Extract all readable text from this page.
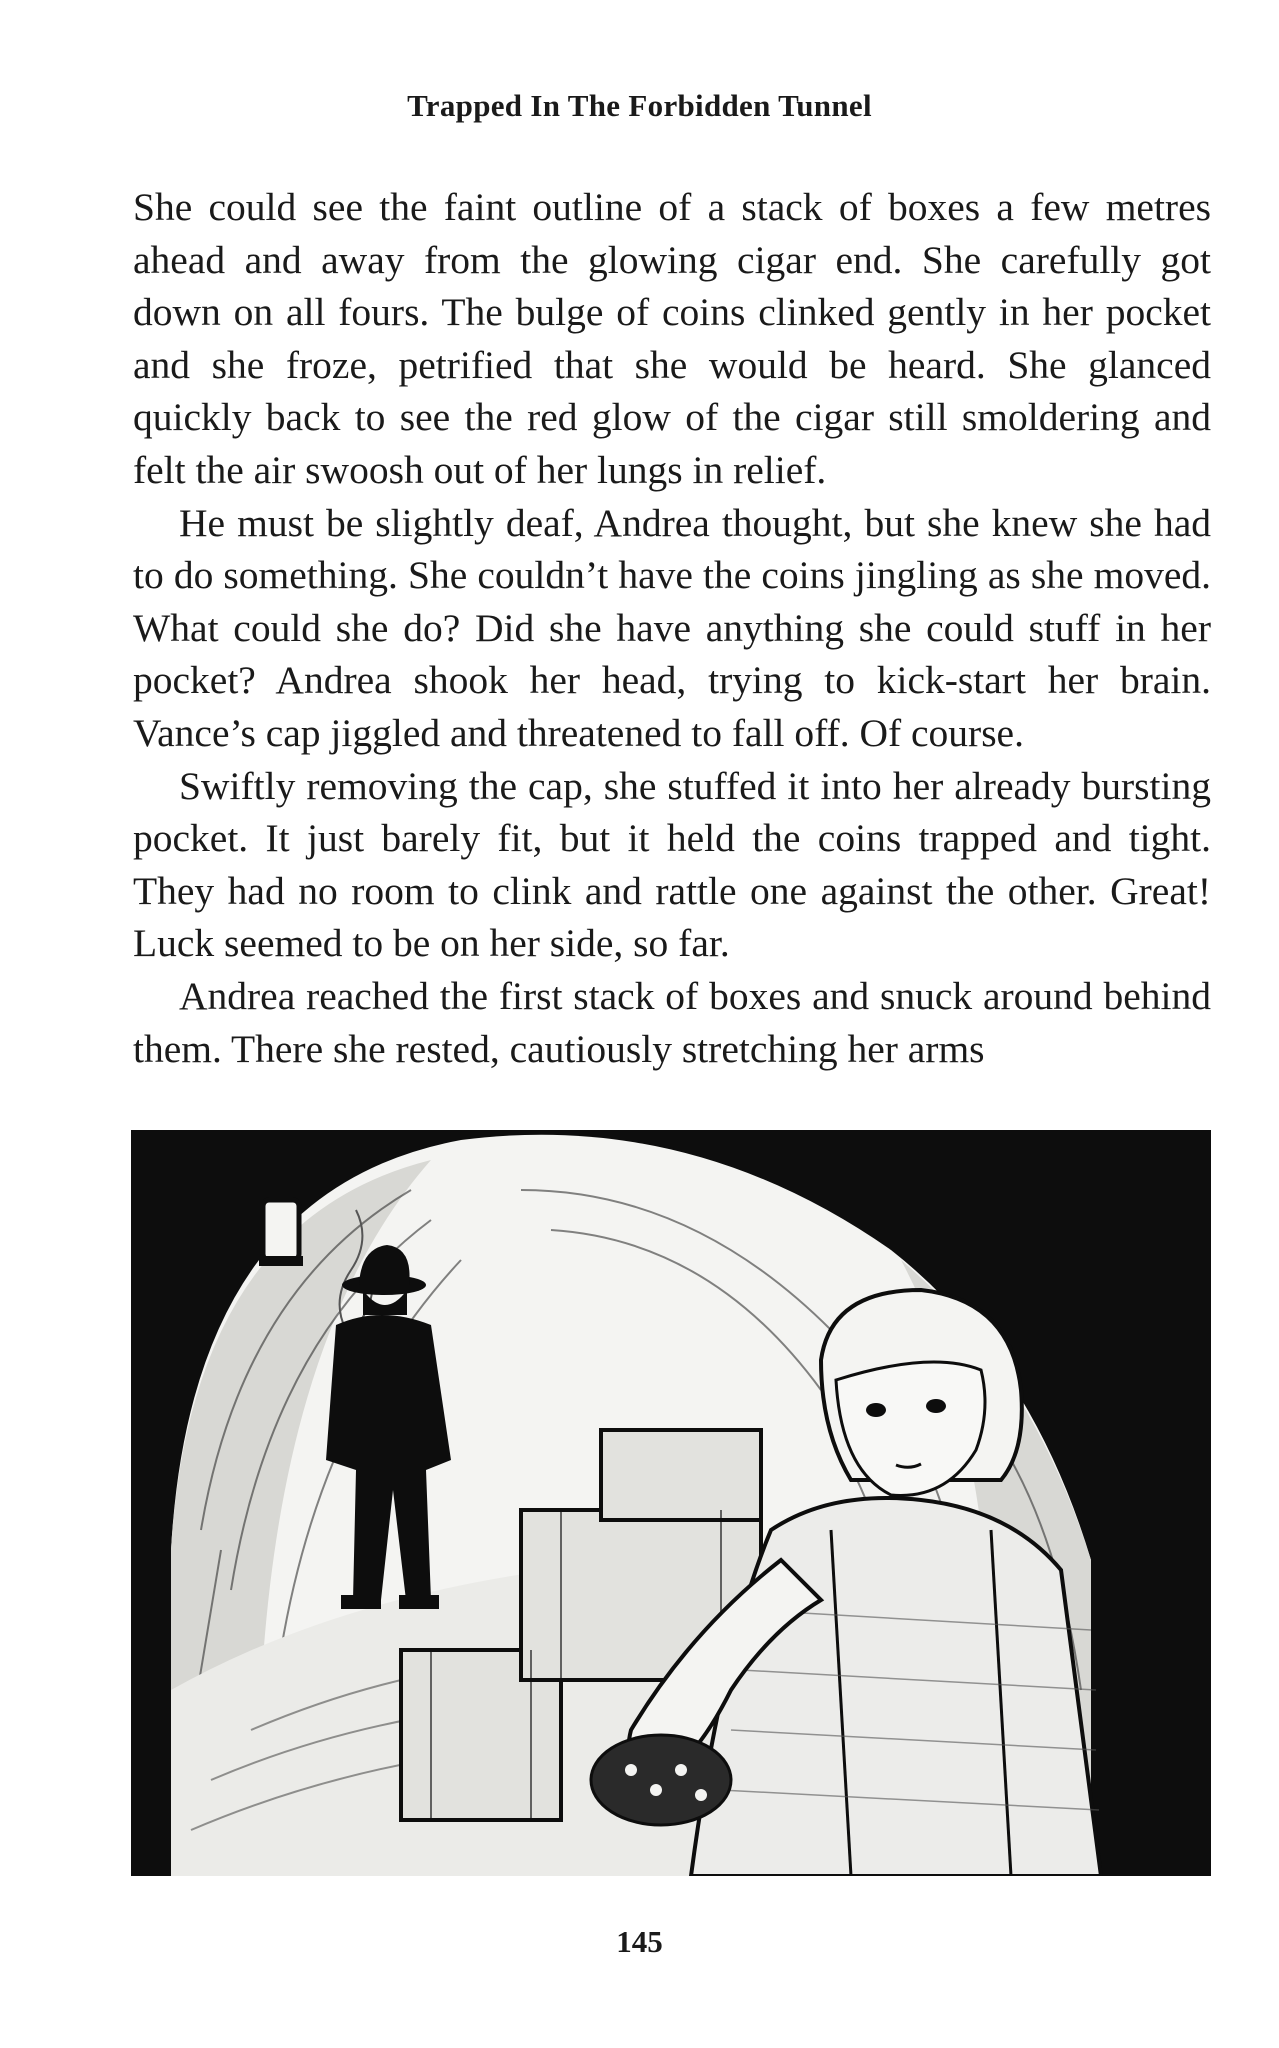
Trapped In The Forbidden Tunnel

She could see the faint outline of a stack of boxes a few metres ahead and away from the glowing cigar end. She carefully got down on all fours. The bulge of coins clinked gently in her pocket and she froze, petrified that she would be heard. She glanced quickly back to see the red glow of the cigar still smoldering and felt the air swoosh out of her lungs in relief.

He must be slightly deaf, Andrea thought, but she knew she had to do something. She couldn’t have the coins jingling as she moved. What could she do? Did she have anything she could stuff in her pocket? Andrea shook her head, trying to kick-start her brain. Vance’s cap jiggled and threatened to fall off. Of course.

Swiftly removing the cap, she stuffed it into her already bursting pocket. It just barely fit, but it held the coins trapped and tight. They had no room to clink and rattle one against the other. Great! Luck seemed to be on her side, so far.

Andrea reached the first stack of boxes and snuck around behind them. There she rested, cautiously stretching her arms

145
